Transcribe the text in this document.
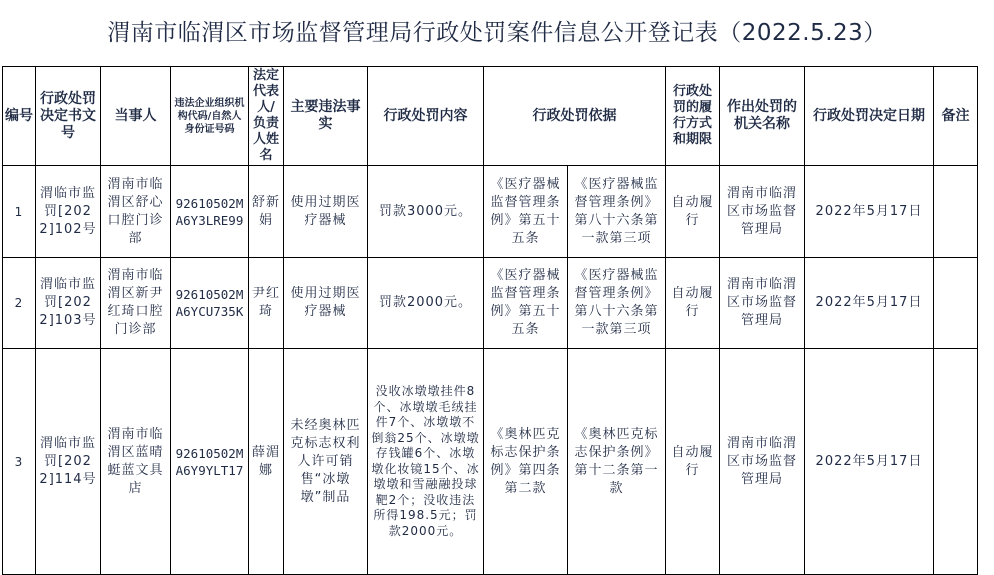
渭南市临渭区市场监督管理局行政处罚案件信息公开登记表（2022.5.23）
编号	行政处罚决定书文号	当事人	违法企业组织机构代码/自然人身份证号码	法定代表人/负责人姓名	主要违法事实	行政处罚内容	行政处罚依据		行政处罚的履行方式和期限	作出处罚的机关名称	行政处罚决定日期	备注
1	渭临市监罚[2022]102号	渭南市临渭区舒心口腔门诊部	92610502MA6Y3LRE99	舒新娟	使用过期医疗器械	罚款3000元。	《医疗器械监督管理条例》第五十五条	《医疗器械监督管理条例》第八十六条第一款第三项	自动履行	渭南市临渭区市场监督管理局	2022年5月17日	
2	渭临市监罚[2022]103号	渭南市临渭区新尹红琦口腔门诊部	92610502MA6YCU735K	尹红琦	使用过期医疗器械	罚款2000元。	《医疗器械监督管理条例》第五十五条	《医疗器械监督管理条例》第八十六条第一款第三项	自动履行	渭南市临渭区市场监督管理局	2022年5月17日	
3	渭临市监罚[2022]114号	渭南市临渭区蓝晴蜓蓝文具店	92610502MA6Y9YLT17	薛湄娜	未经奥林匹克标志权利人许可销售“冰墩墩”制品	没收冰墩墩挂件8个、冰墩墩毛绒挂件7个、冰墩墩不倒翁25个、冰墩墩存钱罐6个、冰墩墩化妆镜15个、冰墩墩和雪融融投球靶2个；没收违法所得198.5元；罚款2000元。	《奥林匹克标志保护条例》第四条第二款	《奥林匹克标志保护条例》第十二条第一款	自动履行	渭南市临渭区市场监督管理局	2022年5月17日	
